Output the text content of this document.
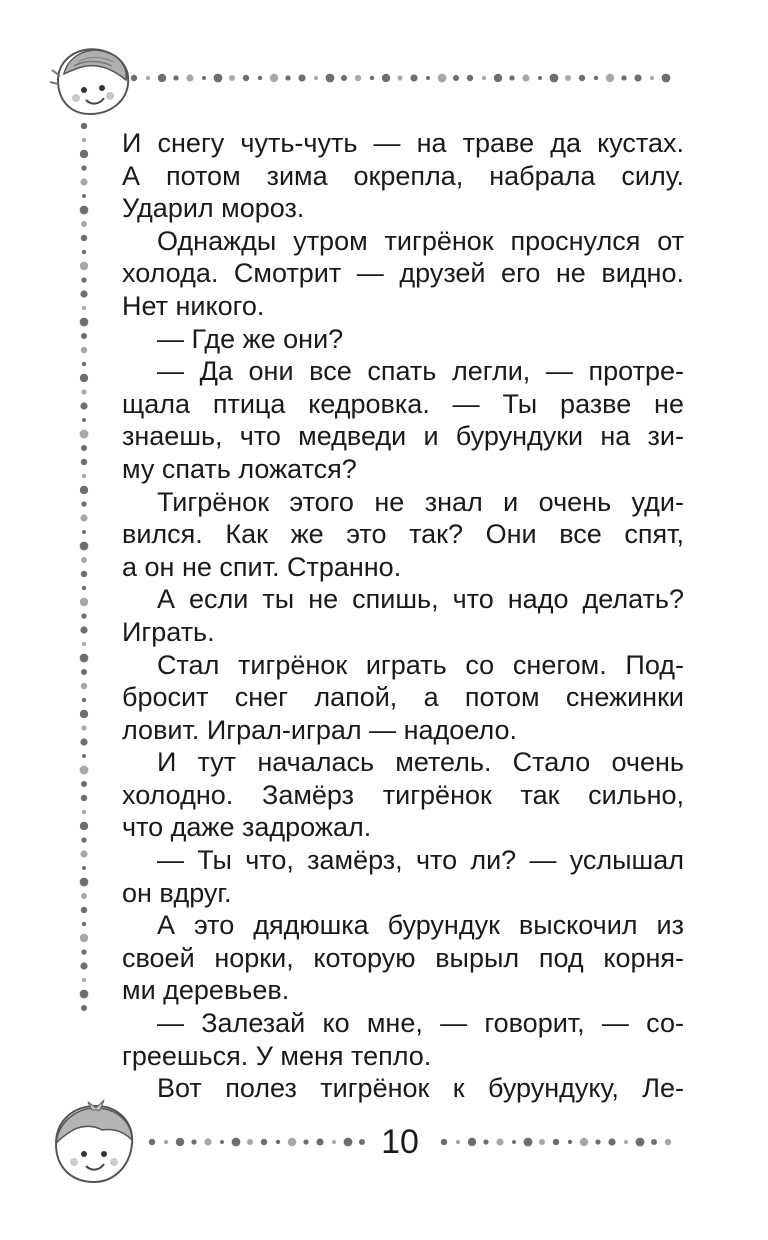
И снегу чуть-чуть — на траве да кустах.
А потом зима окрепла, набрала силу.
Ударил мороз.
Однажды утром тигрёнок проснулся от
холода. Смотрит — друзей его не видно.
Нет никого.
— Где же они?
— Да они все спать легли, — протре-
щала птица кедровка. — Ты разве не
знаешь, что медведи и бурундуки на зи-
му спать ложатся?
Тигрёнок этого не знал и очень уди-
вился. Как же это так? Они все спят,
а он не спит. Странно.
А если ты не спишь, что надо делать?
Играть.
Стал тигрёнок играть со снегом. Под-
бросит снег лапой, а потом снежинки
ловит. Играл-играл — надоело.
И тут началась метель. Стало очень
холодно. Замёрз тигрёнок так сильно,
что даже задрожал.
— Ты что, замёрз, что ли? — услышал
он вдруг.
А это дядюшка бурундук выскочил из
своей норки, которую вырыл под корня-
ми деревьев.
— Залезай ко мне, — говорит, — со-
греешься. У меня тепло.
Вот полез тигрёнок к бурундуку, Ле-
10
